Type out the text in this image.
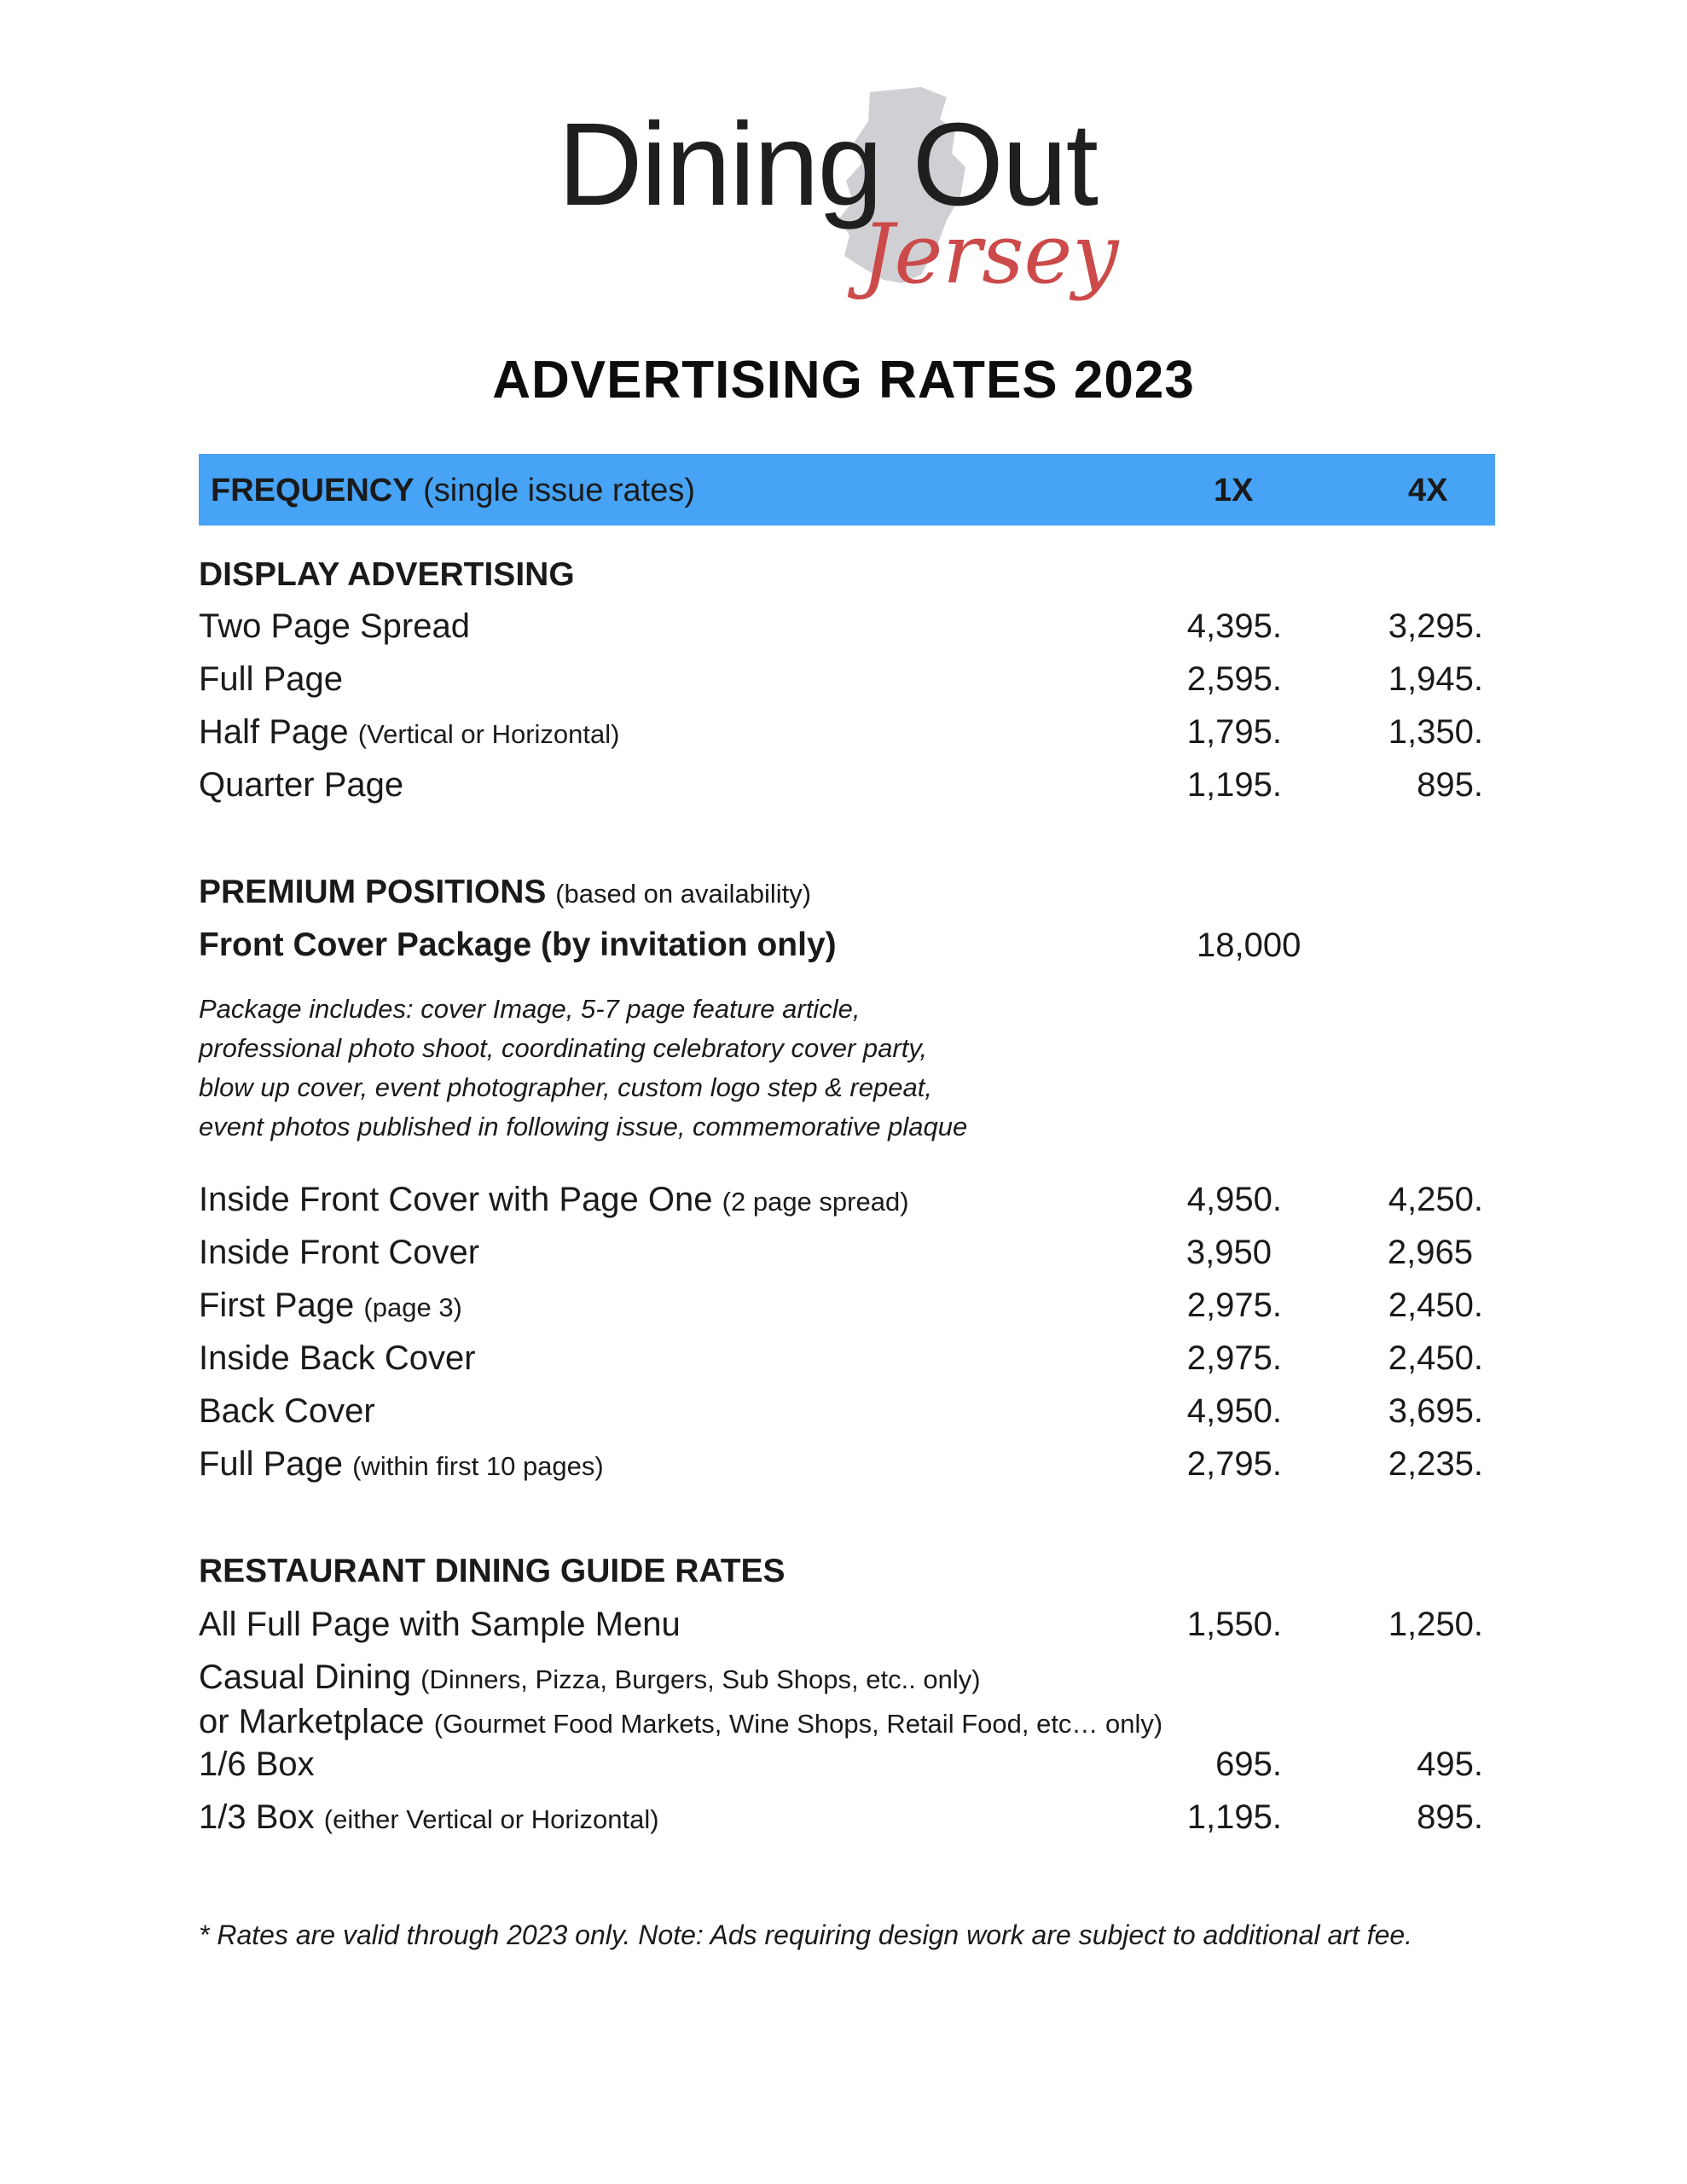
Dining Out
Jersey
ADVERTISING RATES 2023
FREQUENCY (single issue rates)	1X	4X
DISPLAY ADVERTISING
Two Page Spread	4,395.	3,295.
Full Page	2,595.	1,945.
Half Page (Vertical or Horizontal)	1,795.	1,350.
Quarter Page	1,195.	895.
PREMIUM POSITIONS (based on availability)
Front Cover Package (by invitation only)	18,000
Package includes: cover Image, 5-7 page feature article,
professional photo shoot, coordinating celebratory cover party,
blow up cover, event photographer, custom logo step & repeat,
event photos published in following issue, commemorative plaque
Inside Front Cover with Page One (2 page spread)	4,950.	4,250.
Inside Front Cover	3,950	2,965
First Page (page 3)	2,975.	2,450.
Inside Back Cover	2,975.	2,450.
Back Cover	4,950.	3,695.
Full Page (within first 10 pages)	2,795.	2,235.
RESTAURANT DINING GUIDE RATES
All Full Page with Sample Menu	1,550.	1,250.
Casual Dining (Dinners, Pizza, Burgers, Sub Shops, etc.. only)
or Marketplace (Gourmet Food Markets, Wine Shops, Retail Food, etc… only)
1/6 Box	695.	495.
1/3 Box (either Vertical or Horizontal)	1,195.	895.
* Rates are valid through 2023 only. Note: Ads requiring design work are subject to additional art fee.
